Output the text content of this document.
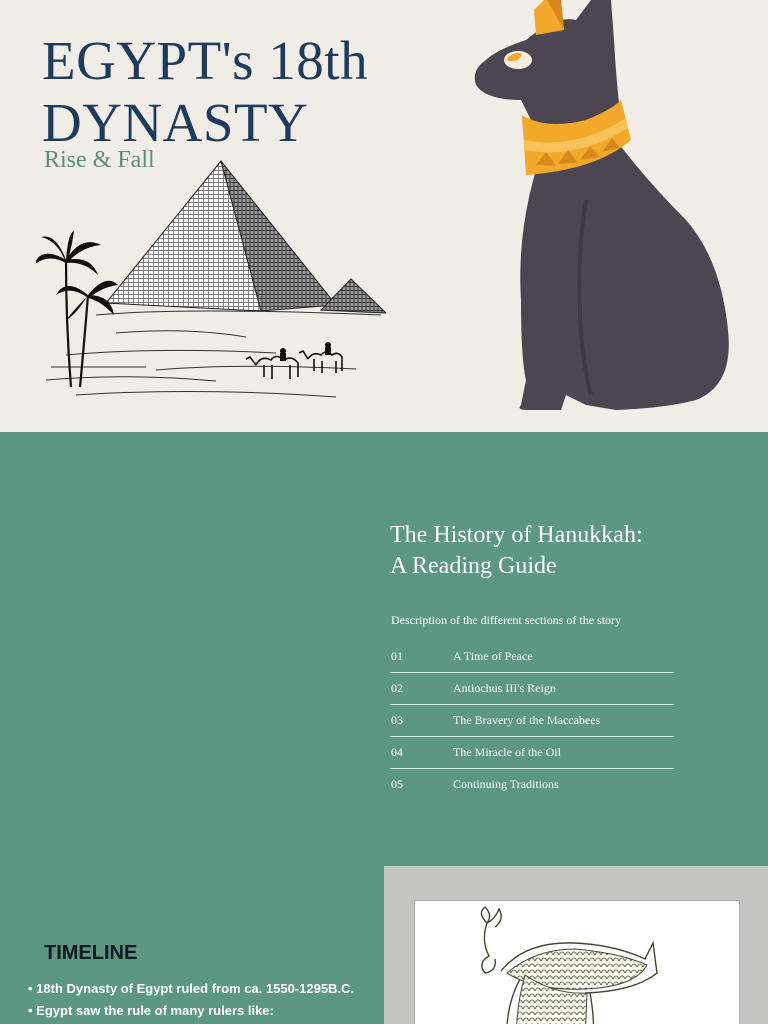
EGYPT's 18th
DYNASTY
Rise & Fall
The History of Hanukkah:
A Reading Guide
Description of the different sections of the story
01	A Time of Peace
02	Antiochus III's Reign
03	The Bravery of the Maccabees
04	The Miracle of the Oil
05	Continuing Traditions
TIMELINE
• 18th Dynasty of Egypt ruled from ca. 1550-1295B.C.
• Egypt saw the rule of many rulers like:
